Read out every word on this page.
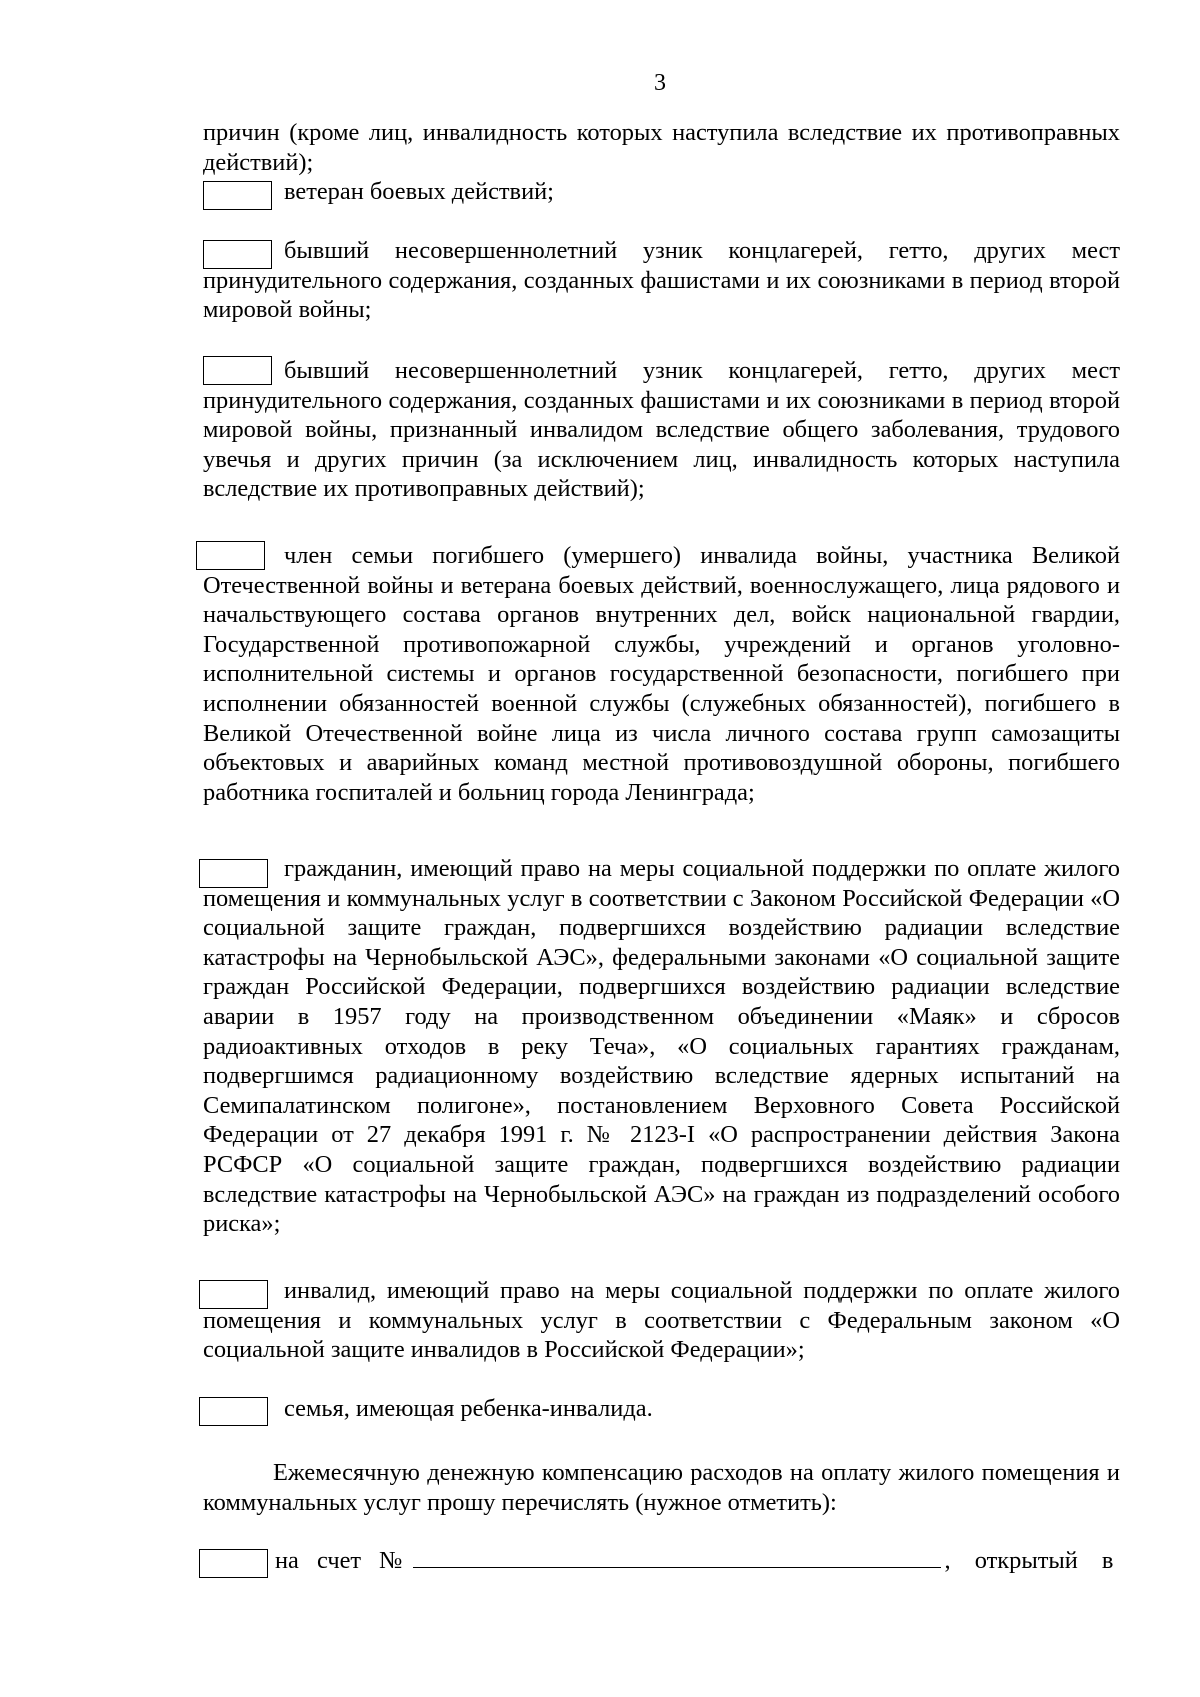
3
причин (кроме лиц, инвалидность которых наступила вследствие их противоправных действий);
ветеран боевых действий;
бывший несовершеннолетний узник концлагерей, гетто, других мест принудительного содержания, созданных фашистами и их союзниками в период второй мировой войны;
бывший несовершеннолетний узник концлагерей, гетто, других мест принудительного содержания, созданных фашистами и их союзниками в период второй мировой войны, признанный инвалидом вследствие общего заболевания, трудового увечья и других причин (за исключением лиц, инвалидность которых наступила вследствие их противоправных действий);
член семьи погибшего (умершего) инвалида войны, участника Великой Отечественной войны и ветерана боевых действий, военнослужащего, лица рядового и начальствующего состава органов внутренних дел, войск национальной гвардии, Государственной противопожарной службы, учреждений и органов уголовно-исполнительной системы и органов государственной безопасности, погибшего при исполнении обязанностей военной службы (служебных обязанностей), погибшего в Великой Отечественной войне лица из числа личного состава групп самозащиты объектовых и аварийных команд местной противовоздушной обороны, погибшего работника госпиталей и больниц города Ленинграда;
гражданин, имеющий право на меры социальной поддержки по оплате жилого помещения и коммунальных услуг в соответствии с Законом Российской Федерации «О социальной защите граждан, подвергшихся воздействию радиации вследствие катастрофы на Чернобыльской АЭС», федеральными законами «О социальной защите граждан Российской Федерации, подвергшихся воздействию радиации вследствие аварии в 1957 году на производственном объединении «Маяк» и сбросов радиоактивных отходов в реку Теча», «О социальных гарантиях гражданам, подвергшимся радиационному воздействию вследствие ядерных испытаний на Семипалатинском полигоне», постановлением Верховного Совета Российской Федерации от 27 декабря 1991 г. № 2123-I «О распространении действия Закона РСФСР «О социальной защите граждан, подвергшихся воздействию радиации вследствие катастрофы на Чернобыльской АЭС» на граждан из подразделений особого риска»;
инвалид, имеющий право на меры социальной поддержки по оплате жилого помещения и коммунальных услуг в соответствии с Федеральным законом «О социальной защите инвалидов в Российской Федерации»;
семья, имеющая ребенка-инвалида.
Ежемесячную денежную компенсацию расходов на оплату жилого помещения и коммунальных услуг прошу перечислять (нужное отметить):
на счет №	, открытый в
